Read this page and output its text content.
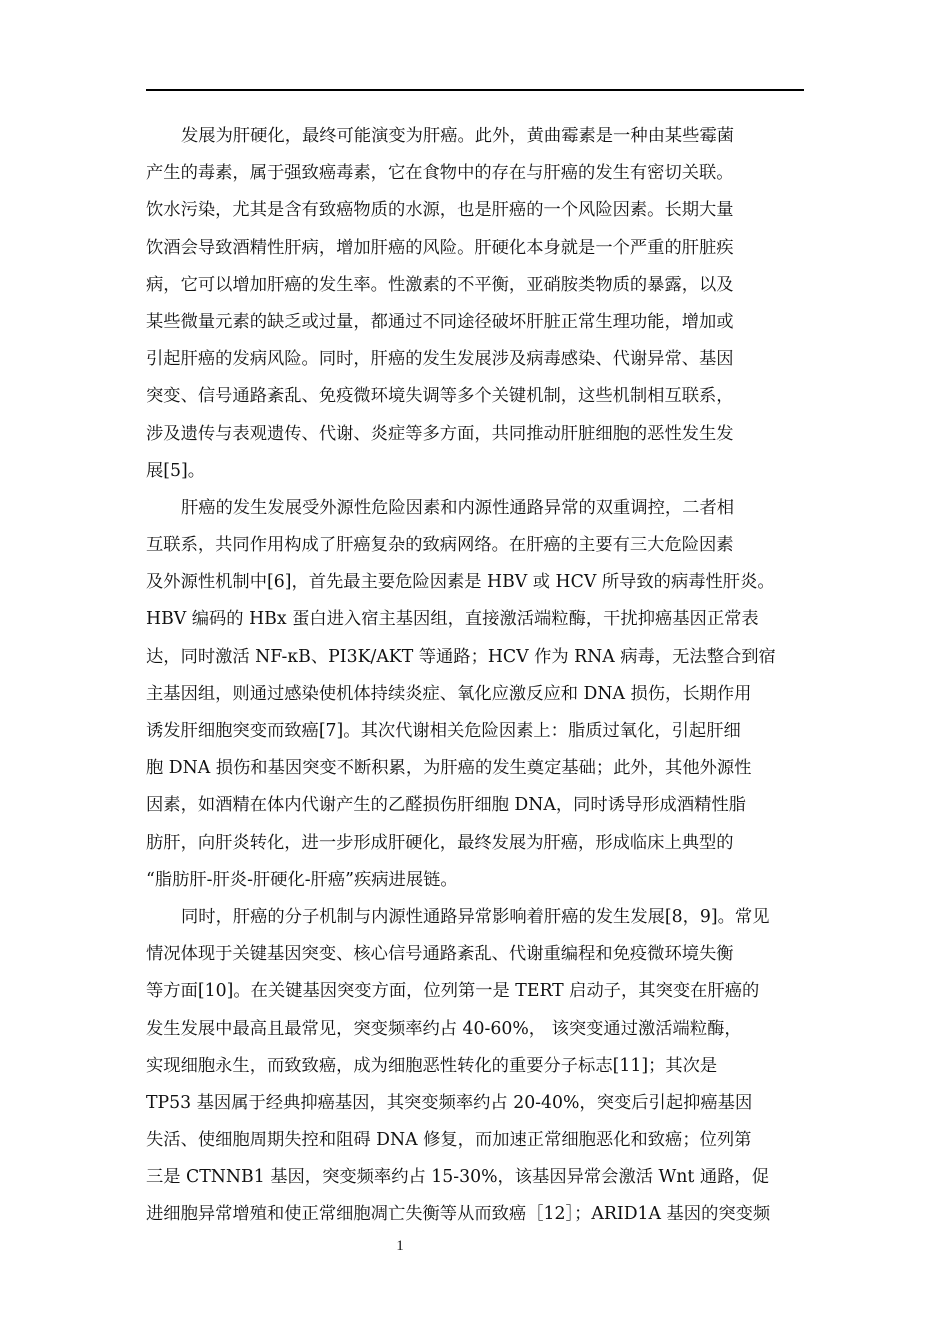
发展为肝硬化，最终可能演变为肝癌。此外，黄曲霉素是一种由某些霉菌
产生的毒素，属于强致癌毒素，它在食物中的存在与肝癌的发生有密切关联。
饮水污染，尤其是含有致癌物质的水源，也是肝癌的一个风险因素。长期大量
饮酒会导致酒精性肝病，增加肝癌的风险。肝硬化本身就是一个严重的肝脏疾
病，它可以增加肝癌的发生率。性激素的不平衡，亚硝胺类物质的暴露，以及
某些微量元素的缺乏或过量，都通过不同途径破坏肝脏正常生理功能，增加或
引起肝癌的发病风险。同时，肝癌的发生发展涉及病毒感染、代谢异常、基因
突变、信号通路紊乱、免疫微环境失调等多个关键机制，这些机制相互联系，
涉及遗传与表观遗传、代谢、炎症等多方面，共同推动肝脏细胞的恶性发生发
展[5]。
肝癌的发生发展受外源性危险因素和内源性通路异常的双重调控，二者相
互联系，共同作用构成了肝癌复杂的致病网络。在肝癌的主要有三大危险因素
及外源性机制中[6]，首先最主要危险因素是 HBV 或 HCV 所导致的病毒性肝炎。
HBV 编码的 HBx 蛋白进入宿主基因组，直接激活端粒酶，干扰抑癌基因正常表
达，同时激活 NF-κB、PI3K/AKT 等通路；HCV 作为 RNA 病毒，无法整合到宿
主基因组，则通过感染使机体持续炎症、氧化应激反应和 DNA 损伤，长期作用
诱发肝细胞突变而致癌[7]。其次代谢相关危险因素上：脂质过氧化，引起肝细
胞 DNA 损伤和基因突变不断积累，为肝癌的发生奠定基础；此外，其他外源性
因素，如酒精在体内代谢产生的乙醛损伤肝细胞 DNA，同时诱导形成酒精性脂
肪肝，向肝炎转化，进一步形成肝硬化，最终发展为肝癌，形成临床上典型的
“脂肪肝-肝炎-肝硬化-肝癌”疾病进展链。
同时，肝癌的分子机制与内源性通路异常影响着肝癌的发生发展[8，9]。常见
情况体现于关键基因突变、核心信号通路紊乱、代谢重编程和免疫微环境失衡
等方面[10]。在关键基因突变方面，位列第一是 TERT 启动子，其突变在肝癌的
发生发展中最高且最常见，突变频率约占 40-60%， 该突变通过激活端粒酶，
实现细胞永生，而致致癌，成为细胞恶性转化的重要分子标志[11]；其次是
TP53 基因属于经典抑癌基因，其突变频率约占 20-40%，突变后引起抑癌基因
失活、使细胞周期失控和阻碍 DNA 修复，而加速正常细胞恶化和致癌；位列第
三是 CTNNB1 基因，突变频率约占 15-30%，该基因异常会激活 Wnt 通路，促
进细胞异常增殖和使正常细胞凋亡失衡等从而致癌［12］；ARID1A 基因的突变频
1
